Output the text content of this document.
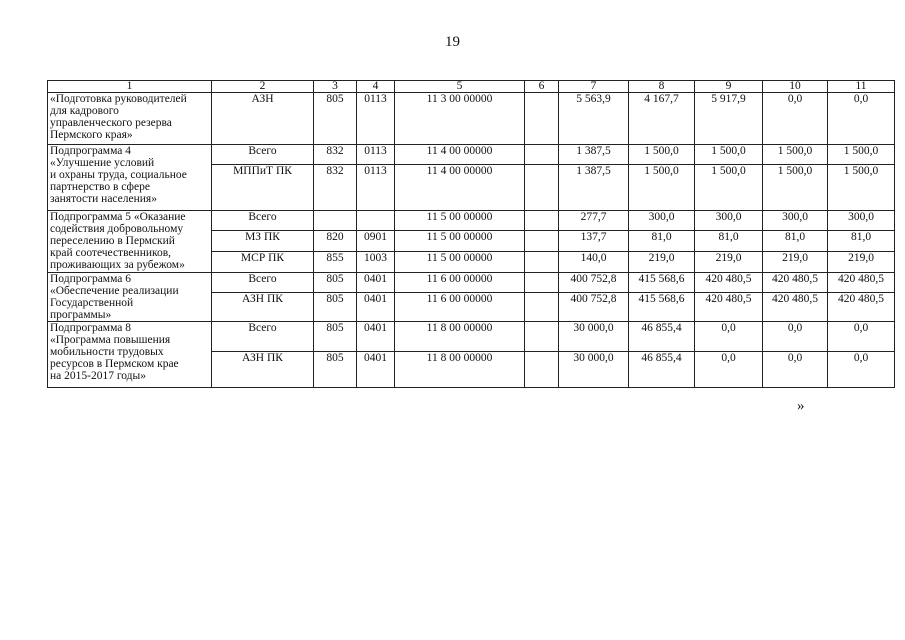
19
1	2	3	4	5	6	7	8	9	10	11
«Подготовка руководителей
для кадрового
управленческого резерва
Пермского края»	АЗН	805	0113	11 3 00 00000		5 563,9	4 167,7	5 917,9	0,0	0,0
Подпрограмма 4
«Улучшение условий
и охраны труда, социальное
партнерство в сфере
занятости населения»	Всего	832	0113	11 4 00 00000		1 387,5	1 500,0	1 500,0	1 500,0	1 500,0
	МППиТ ПК	832	0113	11 4 00 00000		1 387,5	1 500,0	1 500,0	1 500,0	1 500,0
Подпрограмма 5 «Оказание
содействия добровольному
переселению в Пермский
край соотечественников,
проживающих за рубежом»	Всего			11 5 00 00000		277,7	300,0	300,0	300,0	300,0
	МЗ ПК	820	0901	11 5 00 00000		137,7	81,0	81,0	81,0	81,0
	МСР ПК	855	1003	11 5 00 00000		140,0	219,0	219,0	219,0	219,0
Подпрограмма 6
«Обеспечение реализации
Государственной
программы»	Всего	805	0401	11 6 00 00000		400 752,8	415 568,6	420 480,5	420 480,5	420 480,5
	АЗН ПК	805	0401	11 6 00 00000		400 752,8	415 568,6	420 480,5	420 480,5	420 480,5
Подпрограмма 8
«Программа повышения
мобильности трудовых
ресурсов в Пермском крае
на 2015-2017 годы»	Всего	805	0401	11 8 00 00000		30 000,0	46 855,4	0,0	0,0	0,0
	АЗН ПК	805	0401	11 8 00 00000		30 000,0	46 855,4	0,0	0,0	0,0
»
